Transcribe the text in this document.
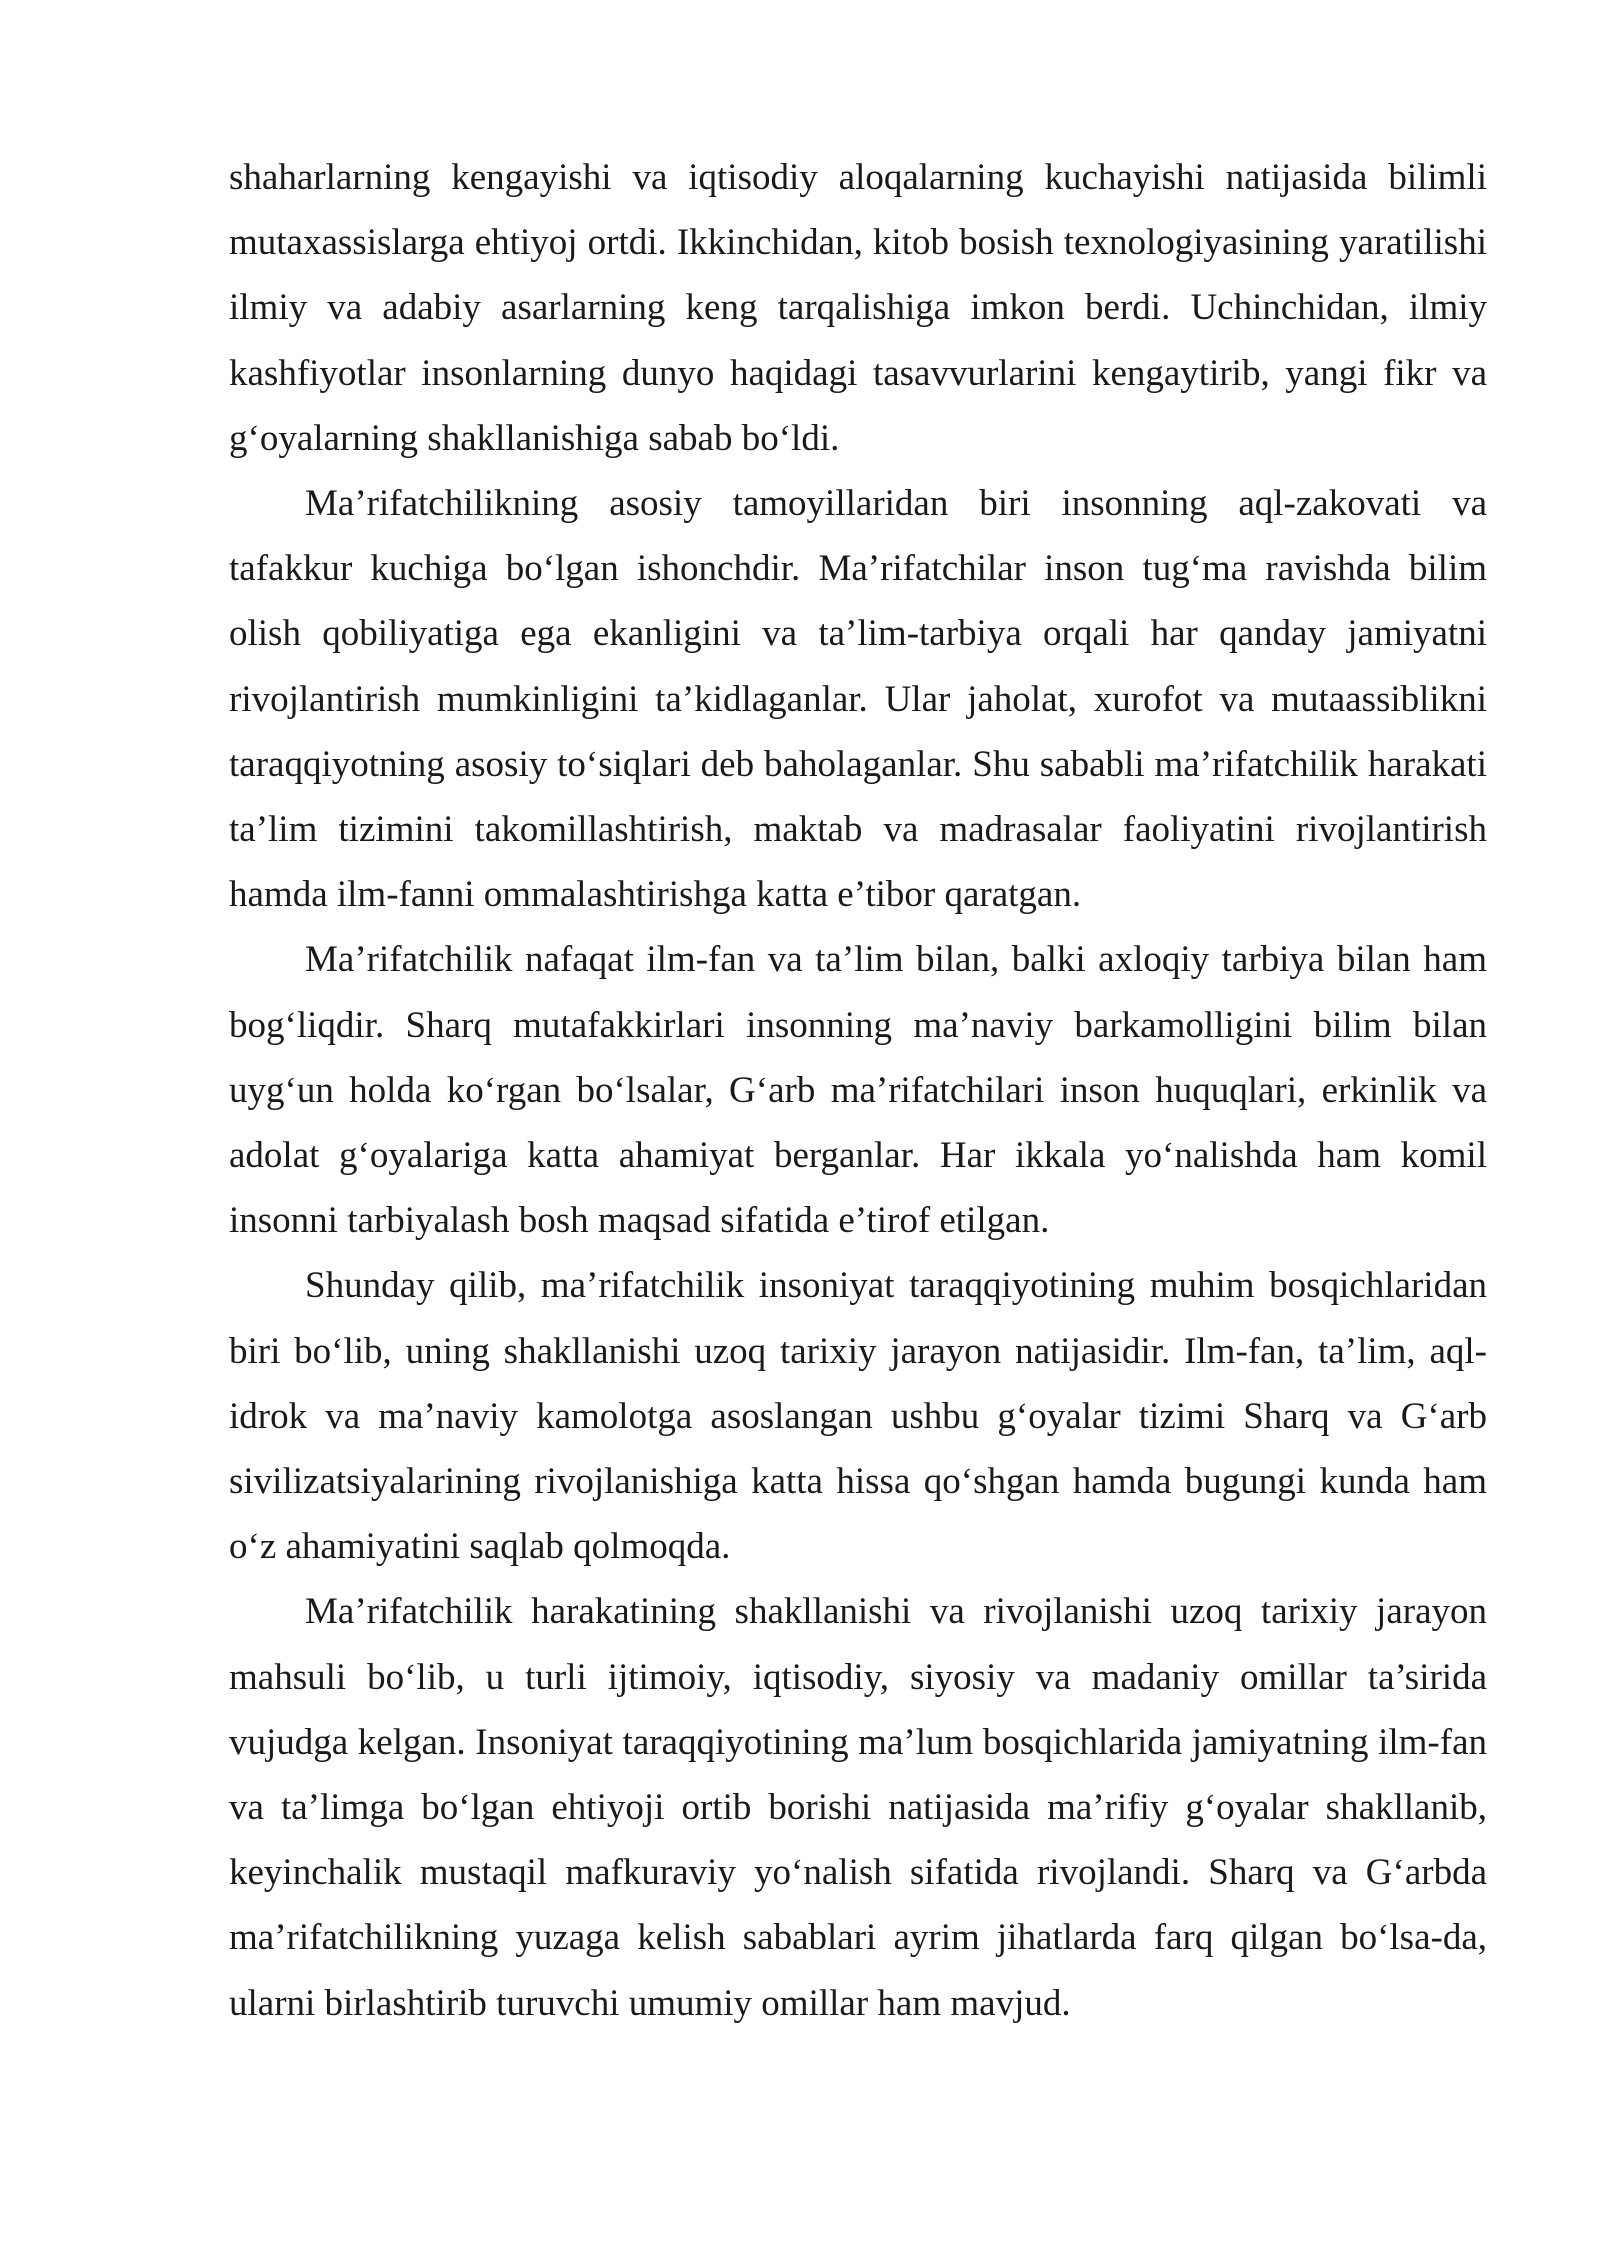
shaharlarning kengayishi va iqtisodiy aloqalarning kuchayishi natijasida bilimli mutaxassislarga ehtiyoj ortdi. Ikkinchidan, kitob bosish texnologiyasining yaratilishi ilmiy va adabiy asarlarning keng tarqalishiga imkon berdi. Uchinchidan, ilmiy kashfiyotlar insonlarning dunyo haqidagi tasavvurlarini kengaytirib, yangi fikr va g‘oyalarning shakllanishiga sabab bo‘ldi.

Ma’rifatchilikning asosiy tamoyillaridan biri insonning aql-zakovati va tafakkur kuchiga bo‘lgan ishonchdir. Ma’rifatchilar inson tug‘ma ravishda bilim olish qobiliyatiga ega ekanligini va ta’lim-tarbiya orqali har qanday jamiyatni rivojlantirish mumkinligini ta’kidlaganlar. Ular jaholat, xurofot va mutaassiblikni taraqqiyotning asosiy to‘siqlari deb baholaganlar. Shu sababli ma’rifatchilik harakati ta’lim tizimini takomillashtirish, maktab va madrasalar faoliyatini rivojlantirish hamda ilm-fanni ommalashtirishga katta e’tibor qaratgan.

Ma’rifatchilik nafaqat ilm-fan va ta’lim bilan, balki axloqiy tarbiya bilan ham bog‘liqdir. Sharq mutafakkirlari insonning ma’naviy barkamolligini bilim bilan uyg‘un holda ko‘rgan bo‘lsalar, G‘arb ma’rifatchilari inson huquqlari, erkinlik va adolat g‘oyalariga katta ahamiyat berganlar. Har ikkala yo‘nalishda ham komil insonni tarbiyalash bosh maqsad sifatida e’tirof etilgan.

Shunday qilib, ma’rifatchilik insoniyat taraqqiyotining muhim bosqichlaridan biri bo‘lib, uning shakllanishi uzoq tarixiy jarayon natijasidir. Ilm-fan, ta’lim, aql-idrok va ma’naviy kamolotga asoslangan ushbu g‘oyalar tizimi Sharq va G‘arb sivilizatsiyalarining rivojlanishiga katta hissa qo‘shgan hamda bugungi kunda ham o‘z ahamiyatini saqlab qolmoqda.

Ma’rifatchilik harakatining shakllanishi va rivojlanishi uzoq tarixiy jarayon mahsuli bo‘lib, u turli ijtimoiy, iqtisodiy, siyosiy va madaniy omillar ta’sirida vujudga kelgan. Insoniyat taraqqiyotining ma’lum bosqichlarida jamiyatning ilm-fan va ta’limga bo‘lgan ehtiyoji ortib borishi natijasida ma’rifiy g‘oyalar shakllanib, keyinchalik mustaqil mafkuraviy yo‘nalish sifatida rivojlandi. Sharq va G‘arbda ma’rifatchilikning yuzaga kelish sabablari ayrim jihatlarda farq qilgan bo‘lsa-da, ularni birlashtirib turuvchi umumiy omillar ham mavjud.
